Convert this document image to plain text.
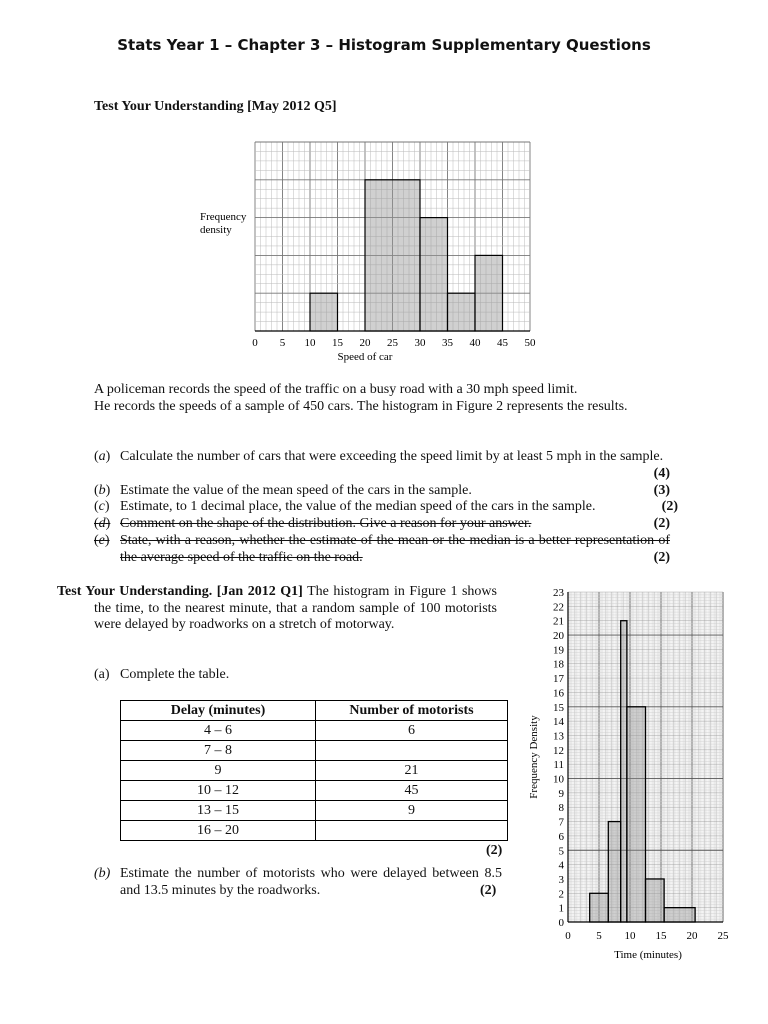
Stats Year 1 – Chapter 3 – Histogram Supplementary Questions
Test Your Understanding [May 2012 Q5]
0 5 10 15 20 25 30 35 40 45 50
Frequency density
Speed of car
A policeman records the speed of the traffic on a busy road with a 30 mph speed limit.
He records the speeds of a sample of 450 cars. The histogram in Figure 2 represents the results.
(a) Calculate the number of cars that were exceeding the speed limit by at least 5 mph in the sample.
(4)
(b) Estimate the value of the mean speed of the cars in the sample.	(3)
(c) Estimate, to 1 decimal place, the value of the median speed of the cars in the sample.	(2)
(d) Comment on the shape of the distribution. Give a reason for your answer.	(2)
(e) State, with a reason, whether the estimate of the mean or the median is a better representation of the average speed of the traffic on the road.	(2)
Test Your Understanding. [Jan 2012 Q1] The histogram in Figure 1 shows the time, to the nearest minute, that a random sample of 100 motorists were delayed by roadworks on a stretch of motorway.
(a) Complete the table.
Delay (minutes)	Number of motorists
4 – 6	6
7 – 8	
9	21
10 – 12	45
13 – 15	9
16 – 20	
(2)
(b) Estimate the number of motorists who were delayed between 8.5 and 13.5 minutes by the roadworks.	(2)
0
1
2
3
4
5
6
7
8
9
10
11
12
13
14
15
16
17
18
19
20
21
22
23
0 5 10 15 20 25
Frequency Density
Time (minutes)
